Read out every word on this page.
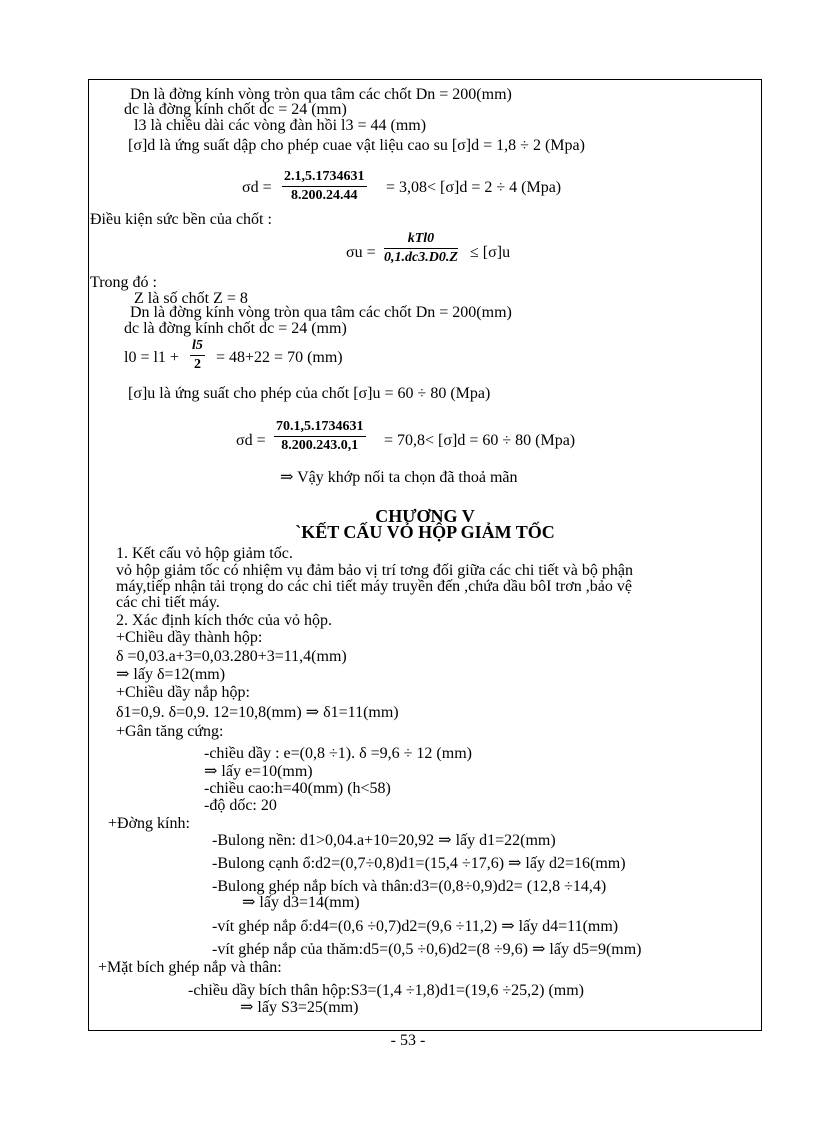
Dn là đờng kính vòng tròn qua tâm các chốt Dn = 200(mm)
dc là đờng kính chốt dc = 24 (mm)
l3 là chiều dài các vòng đàn hồi l3 = 44 (mm)
[σ]d là ứng suất dập cho phép cuae vật liệu cao su [σ]d = 1,8 ÷ 2 (Mpa)
$\sigma d = \frac{2.1,5.1734631}{8.200.24.44} = 3,08< [\sigma]d = 2 \div 4$ (Mpa)
Điều kiện sức bền của chốt :
σu =
kTl0
0,1.dc3.D0.Z ≤ [σ]u
Trong đó :
Z là số chốt Z = 8
Dn là đờng kính vòng tròn qua tâm các chốt Dn = 200(mm)
dc là đờng kính chốt dc = 24 (mm)
$l0 = l1 + \frac{l5}{2} = 48+22 = 70$ (mm)
[σ]u là ứng suất cho phép của chốt [σ]u = 60 ÷ 80 (Mpa)
$\sigma d = \frac{70.1,5.1734631}{8.200.243.0,1} = 70,8< [\sigma]d = 60 \div 80$ (Mpa)
⇒ Vậy khớp nối ta chọn đã thoả mãn
CHƯƠNG V
`KẾT CẤU VỎ HỘP GIẢM TỐC
1. Kết cấu vỏ hộp giảm tốc.
vỏ hộp giảm tốc có nhiệm vụ đảm bảo vị trí tơng đối giữa các chi tiết và bộ phận
máy,tiếp nhận tải trọng do các chi tiết máy truyền đến ,chứa dầu bôI trơn ,bảo vệ
các chi tiết máy.
2. Xác định kích thớc của vỏ hộp.
+Chiều dầy thành hộp:
δ =0,03.a+3=0,03.280+3=11,4(mm)
⇒ lấy δ=12(mm)
+Chiều dầy nắp hộp:
δ1=0,9. δ=0,9. 12=10,8(mm) ⇒ δ1=11(mm)
+Gân tăng cứng:
-chiều dầy : e=(0,8 ÷1). δ =9,6 ÷ 12 (mm)
⇒ lấy e=10(mm)
-chiều cao:h=40(mm) (h<58)
-độ dốc: 20
+Đờng kính:
-Bulong nền: d1>0,04.a+10=20,92 ⇒ lấy d1=22(mm)
-Bulong cạnh ổ:d2=(0,7÷0,8)d1=(15,4 ÷17,6) ⇒ lấy d2=16(mm)
-Bulong ghép nắp bích và thân:d3=(0,8÷0,9)d2= (12,8 ÷14,4)
⇒ lấy d3=14(mm)
-vít ghép nắp ổ:d4=(0,6 ÷0,7)d2=(9,6 ÷11,2) ⇒ lấy d4=11(mm)
-vít ghép nắp của thăm:d5=(0,5 ÷0,6)d2=(8 ÷9,6) ⇒ lấy d5=9(mm)
+Mặt bích ghép nắp và thân:
-chiều dầy bích thân hộp:S3=(1,4 ÷1,8)d1=(19,6 ÷25,2) (mm)
⇒ lấy S3=25(mm)
- 53 -
